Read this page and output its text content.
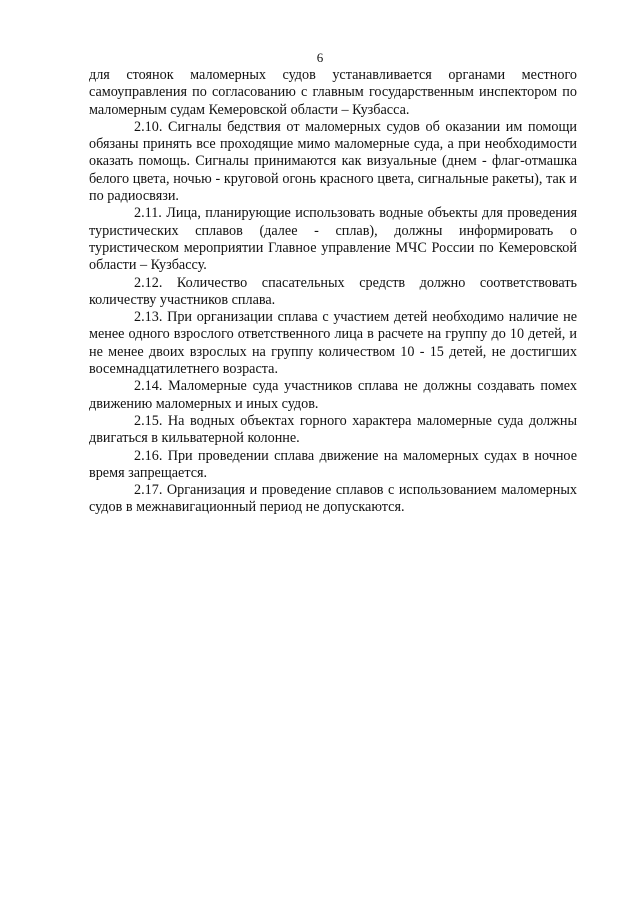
6

для стоянок маломерных судов устанавливается органами местного самоуправления по согласованию с главным государственным инспектором по маломерным судам Кемеровской области – Кузбасса.

2.10. Сигналы бедствия от маломерных судов об оказании им помощи обязаны принять все проходящие мимо маломерные суда, а при необходимости оказать помощь. Сигналы принимаются как визуальные (днем - флаг-отмашка белого цвета, ночью - круговой огонь красного цвета, сигнальные ракеты), так и по радиосвязи.

2.11. Лица, планирующие использовать водные объекты для проведения туристических сплавов (далее - сплав), должны информировать о туристическом мероприятии Главное управление МЧС России по Кемеровской области – Кузбассу.

2.12. Количество спасательных средств должно соответствовать количеству участников сплава.

2.13. При организации сплава с участием детей необходимо наличие не менее одного взрослого ответственного лица в расчете на группу до 10 детей, и не менее двоих взрослых на группу количеством 10 - 15 детей, не достигших восемнадцатилетнего возраста.

2.14. Маломерные суда участников сплава не должны создавать помех движению маломерных и иных судов.

2.15. На водных объектах горного характера маломерные суда должны двигаться в кильватерной колонне.

2.16. При проведении сплава движение на маломерных судах в ночное время запрещается.

2.17. Организация и проведение сплавов с использованием маломерных судов в межнавигационный период не допускаются.
